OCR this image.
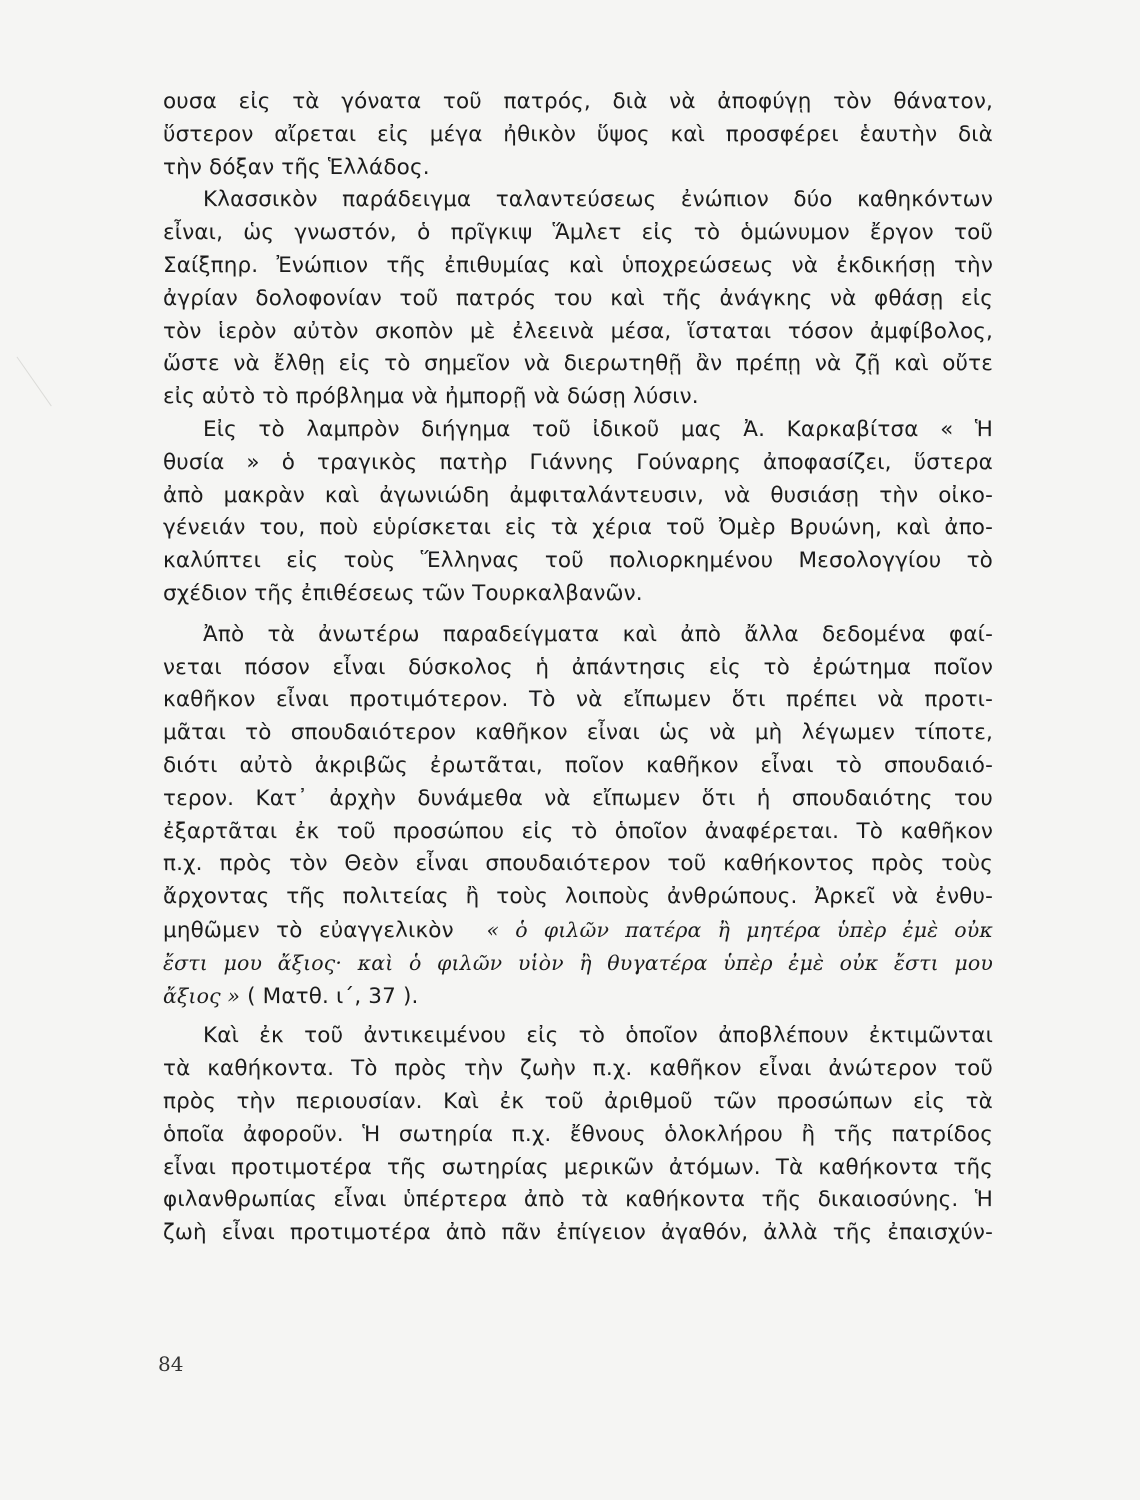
ουσα εἰς τὰ γόνατα τοῦ πατρός, διὰ νὰ ἀποφύγῃ τὸν θάνατον,
ὕστερον αἴρεται εἰς μέγα ἠθικὸν ὕψος καὶ προσφέρει ἑαυτὴν διὰ
τὴν δόξαν τῆς Ἑλλάδος.

Κλασσικὸν παράδειγμα ταλαντεύσεως ἐνώπιον δύο καθηκόντων
εἶναι, ὡς γνωστόν, ὁ πρῖγκιψ Ἅμλετ εἰς τὸ ὁμώνυμον ἔργον τοῦ
Σαίξπηρ. Ἐνώπιον τῆς ἐπιθυμίας καὶ ὑποχρεώσεως νὰ ἐκδικήσῃ τὴν
ἀγρίαν δολοφονίαν τοῦ πατρός του καὶ τῆς ἀνάγκης νὰ φθάσῃ εἰς
τὸν ἱερὸν αὐτὸν σκοπὸν μὲ ἐλεεινὰ μέσα, ἵσταται τόσον ἀμφίβολος,
ὥστε νὰ ἔλθῃ εἰς τὸ σημεῖον νὰ διερωτηθῇ ἂν πρέπῃ νὰ ζῇ καὶ οὔτε
εἰς αὐτὸ τὸ πρόβλημα νὰ ἠμπορῇ νὰ δώσῃ λύσιν.

Εἰς τὸ λαμπρὸν διήγημα τοῦ ἰδικοῦ μας Ἀ. Καρκαβίτσα « Ἡ
θυσία » ὁ τραγικὸς πατὴρ Γιάννης Γούναρης ἀποφασίζει, ὕστερα
ἀπὸ μακρὰν καὶ ἀγωνιώδη ἀμφιταλάντευσιν, νὰ θυσιάσῃ τὴν οἰκο-
γένειάν του, ποὺ εὑρίσκεται εἰς τὰ χέρια τοῦ Ὀμὲρ Βρυώνη, καὶ ἀπο-
καλύπτει εἰς τοὺς Ἕλληνας τοῦ πολιορκημένου Μεσολογγίου τὸ
σχέδιον τῆς ἐπιθέσεως τῶν Τουρκαλβανῶν.

Ἀπὸ τὰ ἀνωτέρω παραδείγματα καὶ ἀπὸ ἄλλα δεδομένα φαί-
νεται πόσον εἶναι δύσκολος ἡ ἀπάντησις εἰς τὸ ἐρώτημα ποῖον
καθῆκον εἶναι προτιμότερον. Τὸ νὰ εἴπωμεν ὅτι πρέπει νὰ προτι-
μᾶται τὸ σπουδαιότερον καθῆκον εἶναι ὡς νὰ μὴ λέγωμεν τίποτε,
διότι αὐτὸ ἀκριβῶς ἐρωτᾶται, ποῖον καθῆκον εἶναι τὸ σπουδαιό-
τερον. Κατ᾿ ἀρχὴν δυνάμεθα νὰ εἴπωμεν ὅτι ἡ σπουδαιότης του
ἐξαρτᾶται ἐκ τοῦ προσώπου εἰς τὸ ὁποῖον ἀναφέρεται. Τὸ καθῆκον
π.χ. πρὸς τὸν Θεὸν εἶναι σπουδαιότερον τοῦ καθήκοντος πρὸς τοὺς
ἄρχοντας τῆς πολιτείας ἢ τοὺς λοιποὺς ἀνθρώπους. Ἀρκεῖ νὰ ἐνθυ-
μηθῶμεν τὸ εὐαγγελικὸν « ὁ φιλῶν πατέρα ἢ μητέρα ὑπὲρ ἐμὲ οὐκ
ἔστι μου ἄξιος· καὶ ὁ φιλῶν υἱὸν ἢ θυγατέρα ὑπὲρ ἐμὲ οὐκ ἔστι μου
ἄξιος » ( Ματθ. ι΄, 37 ).

Καὶ ἐκ τοῦ ἀντικειμένου εἰς τὸ ὁποῖον ἀποβλέπουν ἐκτιμῶνται
τὰ καθήκοντα. Τὸ πρὸς τὴν ζωὴν π.χ. καθῆκον εἶναι ἀνώτερον τοῦ
πρὸς τὴν περιουσίαν. Καὶ ἐκ τοῦ ἀριθμοῦ τῶν προσώπων εἰς τὰ
ὁποῖα ἀφοροῦν. Ἡ σωτηρία π.χ. ἔθνους ὁλοκλήρου ἢ τῆς πατρίδος
εἶναι προτιμοτέρα τῆς σωτηρίας μερικῶν ἀτόμων. Τὰ καθήκοντα τῆς
φιλανθρωπίας εἶναι ὑπέρτερα ἀπὸ τὰ καθήκοντα τῆς δικαιοσύνης. Ἡ
ζωὴ εἶναι προτιμοτέρα ἀπὸ πᾶν ἐπίγειον ἀγαθόν, ἀλλὰ τῆς ἐπαισχύν-

84
